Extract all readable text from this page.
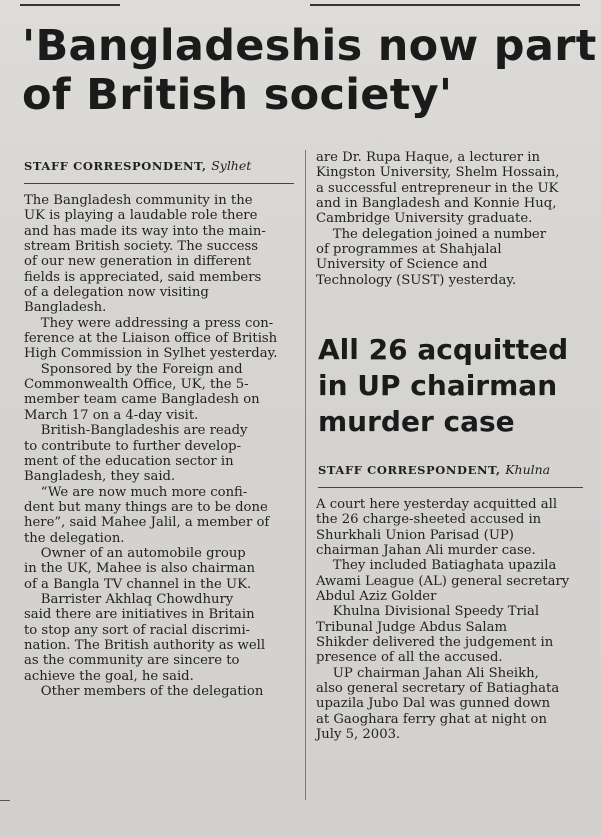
'Bangladeshis now part
of British society'
STAFF CORRESPONDENT, Sylhet
The Bangladesh community in the
UK is playing a laudable role there
and has made its way into the main-
stream British society. The success
of our new generation in different
fields is appreciated, said members
of a delegation now visiting
Bangladesh.
They were addressing a press con-
ference at the Liaison office of British
High Commission in Sylhet yesterday.
Sponsored by the Foreign and
Commonwealth Office, UK, the 5-
member team came Bangladesh on
March 17 on a 4-day visit.
British-Bangladeshis are ready
to contribute to further develop-
ment of the education sector in
Bangladesh, they said.
“We are now much more confi-
dent but many things are to be done
here”, said Mahee Jalil, a member of
the delegation.
Owner of an automobile group
in the UK, Mahee is also chairman
of a Bangla TV channel in the UK.
Barrister Akhlaq Chowdhury
said there are initiatives in Britain
to stop any sort of racial discrimi-
nation. The British authority as well
as the community are sincere to
achieve the goal, he said.
Other members of the delegation
are Dr. Rupa Haque, a lecturer in
Kingston University, Shelm Hossain,
a successful entrepreneur in the UK
and in Bangladesh and Konnie Huq,
Cambridge University graduate.
The delegation joined a number
of programmes at Shahjalal
University of Science and
Technology (SUST) yesterday.
All 26 acquitted
in UP chairman
murder case
STAFF CORRESPONDENT, Khulna
A court here yesterday acquitted all
the 26 charge-sheeted accused in
Shurkhali Union Parisad (UP)
chairman Jahan Ali murder case.
They included Batiaghata upazila
Awami League (AL) general secretary
Abdul Aziz Golder
Khulna Divisional Speedy Trial
Tribunal Judge Abdus Salam
Shikder delivered the judgement in
presence of all the accused.
UP chairman Jahan Ali Sheikh,
also general secretary of Batiaghata
upazila Jubo Dal was gunned down
at Gaoghara ferry ghat at night on
July 5, 2003.
